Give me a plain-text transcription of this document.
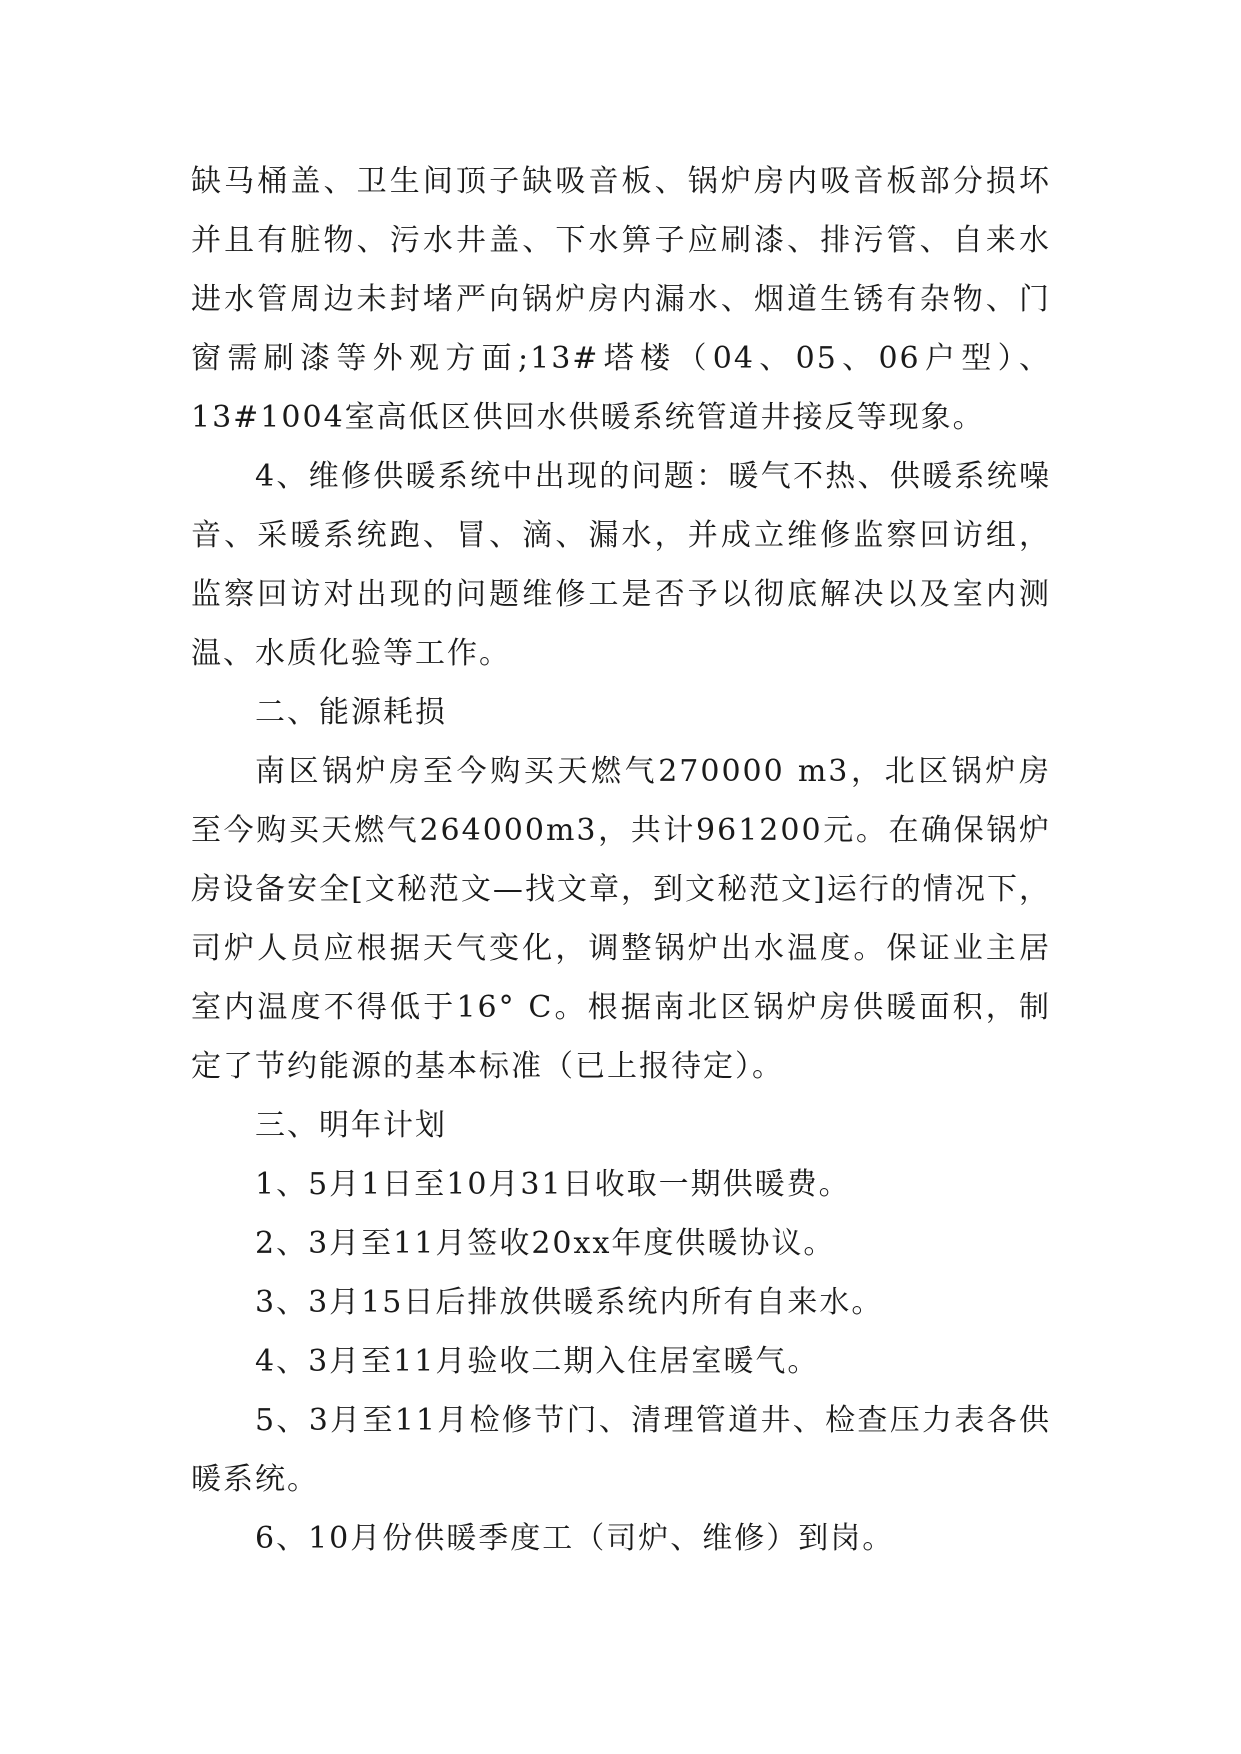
缺马桶盖、卫生间顶子缺吸音板、锅炉房内吸音板部分损坏并且有脏物、污水井盖、下水箅子应刷漆、排污管、自来水进水管周边未封堵严向锅炉房内漏水、烟道生锈有杂物、门窗需刷漆等外观方面;13#塔楼（04、05、06户型）、13#1004室高低区供回水供暖系统管道井接反等现象。

4、维修供暖系统中出现的问题：暖气不热、供暖系统噪音、采暖系统跑、冒、滴、漏水，并成立维修监察回访组，监察回访对出现的问题维修工是否予以彻底解决以及室内测温、水质化验等工作。

二、能源耗损

南区锅炉房至今购买天燃气270000 m3，北区锅炉房至今购买天燃气264000m3，共计961200元。在确保锅炉房设备安全[文秘范文—找文章，到文秘范文]运行的情况下，司炉人员应根据天气变化，调整锅炉出水温度。保证业主居室内温度不得低于16° C。根据南北区锅炉房供暖面积，制定了节约能源的基本标准（已上报待定）。

三、明年计划

1、5月1日至10月31日收取一期供暖费。

2、3月至11月签收20xx年度供暖协议。

3、3月15日后排放供暖系统内所有自来水。

4、3月至11月验收二期入住居室暖气。

5、3月至11月检修节门、清理管道井、检查压力表各供暖系统。

6、10月份供暖季度工（司炉、维修）到岗。
